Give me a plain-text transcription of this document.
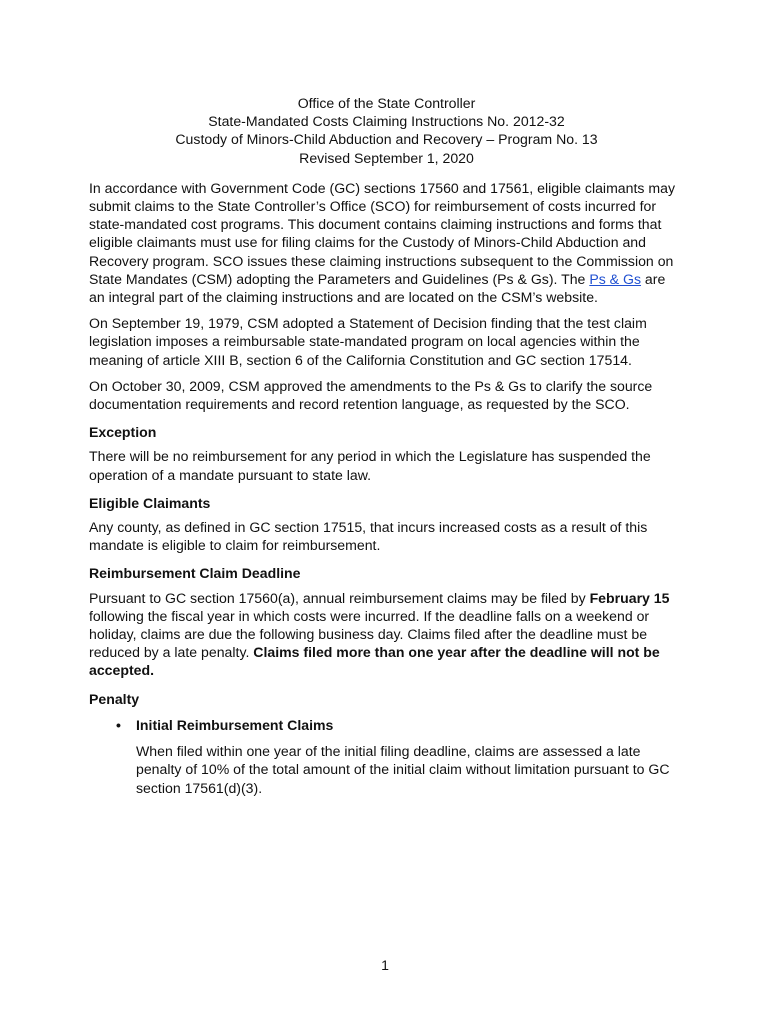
Office of the State Controller
State-Mandated Costs Claiming Instructions No. 2012-32
Custody of Minors-Child Abduction and Recovery – Program No. 13
Revised September 1, 2020

In accordance with Government Code (GC) sections 17560 and 17561, eligible claimants may submit claims to the State Controller’s Office (SCO) for reimbursement of costs incurred for state-mandated cost programs. This document contains claiming instructions and forms that eligible claimants must use for filing claims for the Custody of Minors-Child Abduction and Recovery program. SCO issues these claiming instructions subsequent to the Commission on State Mandates (CSM) adopting the Parameters and Guidelines (Ps & Gs). The Ps & Gs are an integral part of the claiming instructions and are located on the CSM’s website.

On September 19, 1979, CSM adopted a Statement of Decision finding that the test claim legislation imposes a reimbursable state-mandated program on local agencies within the meaning of article XIII B, section 6 of the California Constitution and GC section 17514.

On October 30, 2009, CSM approved the amendments to the Ps & Gs to clarify the source documentation requirements and record retention language, as requested by the SCO.

Exception

There will be no reimbursement for any period in which the Legislature has suspended the operation of a mandate pursuant to state law.

Eligible Claimants

Any county, as defined in GC section 17515, that incurs increased costs as a result of this mandate is eligible to claim for reimbursement.

Reimbursement Claim Deadline

Pursuant to GC section 17560(a), annual reimbursement claims may be filed by February 15 following the fiscal year in which costs were incurred. If the deadline falls on a weekend or holiday, claims are due the following business day. Claims filed after the deadline must be reduced by a late penalty. Claims filed more than one year after the deadline will not be accepted.

Penalty
• Initial Reimbursement Claims

When filed within one year of the initial filing deadline, claims are assessed a late penalty of 10% of the total amount of the initial claim without limitation pursuant to GC section 17561(d)(3).

1
